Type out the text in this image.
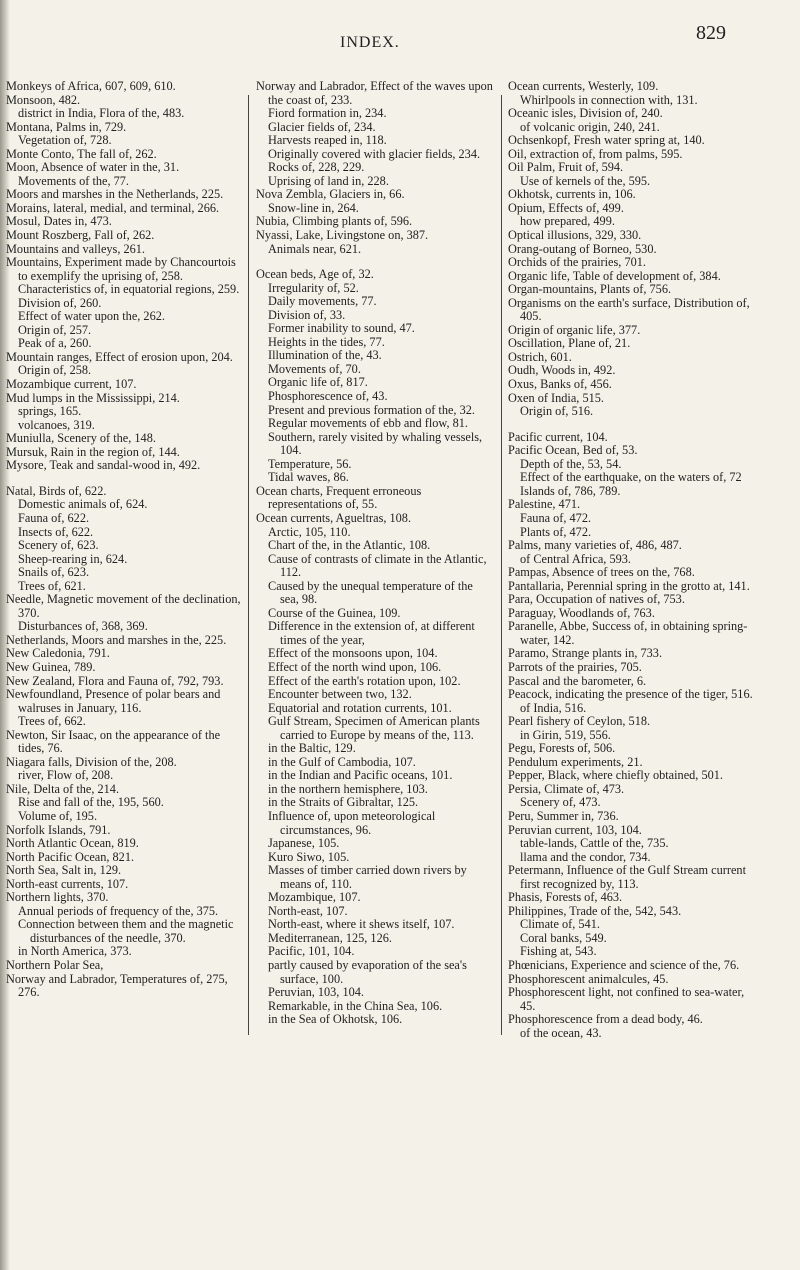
INDEX.	829

Monkeys of Africa, 607, 609, 610.

Monsoon, 482.

district in India, Flora of the, 483.

Montana, Palms in, 729.

Vegetation of, 728.

Monte Conto, The fall of, 262.

Moon, Absence of water in the, 31.

Movements of the, 77.

Moors and marshes in the Netherlands, 225.

Morains, lateral, medial, and terminal, 266.

Mosul, Dates in, 473.

Mount Roszberg, Fall of, 262.

Mountains and valleys, 261.

Mountains, Experiment made by Chancourtois to exemplify the uprising of, 258.

Characteristics of, in equatorial regions, 259.

Division of, 260.

Effect of water upon the, 262.

Origin of, 257.

Peak of a, 260.

Mountain ranges, Effect of erosion upon, 204.

Origin of, 258.

Mozambique current, 107.

Mud lumps in the Mississippi, 214.

springs, 165.

volcanoes, 319.

Muniulla, Scenery of the, 148.

Mursuk, Rain in the region of, 144.

Mysore, Teak and sandal-wood in, 492.

Natal, Birds of, 622.

Domestic animals of, 624.

Fauna of, 622.

Insects of, 622.

Scenery of, 623.

Sheep-rearing in, 624.

Snails of, 623.

Trees of, 621.

Needle, Magnetic movement of the declination, 370.

Disturbances of, 368, 369.

Netherlands, Moors and marshes in the, 225.

New Caledonia, 791.

New Guinea, 789.

New Zealand, Flora and Fauna of, 792, 793.

Newfoundland, Presence of polar bears and walruses in January, 116.

Trees of, 662.

Newton, Sir Isaac, on the appearance of the tides, 76.

Niagara falls, Division of the, 208.

river, Flow of, 208.

Nile, Delta of the, 214.

Rise and fall of the, 195, 560.

Volume of, 195.

Norfolk Islands, 791.

North Atlantic Ocean, 819.

North Pacific Ocean, 821.

North Sea, Salt in, 129.

North-east currents, 107.

Northern lights, 370.

Annual periods of frequency of the, 375.

Connection between them and the magnetic disturbances of the needle, 370.

in North America, 373.

Northern Polar Sea,

Norway and Labrador, Temperatures of, 275, 276.

Norway and Labrador, Effect of the waves upon the coast of, 233.

Fiord formation in, 234.

Glacier fields of, 234.

Harvests reaped in, 118.

Originally covered with glacier fields, 234.

Rocks of, 228, 229.

Uprising of land in, 228.

Nova Zembla, Glaciers in, 66.

Snow-line in, 264.

Nubia, Climbing plants of, 596.

Nyassi, Lake, Livingstone on, 387.

Animals near, 621.

Ocean beds, Age of, 32.

Irregularity of, 52.

Daily movements, 77.

Division of, 33.

Former inability to sound, 47.

Heights in the tides, 77.

Illumination of the, 43.

Movements of, 70.

Organic life of, 817.

Phosphorescence of, 43.

Present and previous formation of the, 32.

Regular movements of ebb and flow, 81.

Southern, rarely visited by whaling vessels, 104.

Temperature, 56.

Tidal waves, 86.

Ocean charts, Frequent erroneous representations of, 55.

Ocean currents, Agueltras, 108.

Arctic, 105, 110.

Chart of the, in the Atlantic, 108.

Cause of contrasts of climate in the Atlantic, 112.

Caused by the unequal temperature of the sea, 98.

Course of the Guinea, 109.

Difference in the extension of, at different times of the year,

Effect of the monsoons upon, 104.

Effect of the north wind upon, 106.

Effect of the earth's rotation upon, 102.

Encounter between two, 132.

Equatorial and rotation currents, 101.

Gulf Stream, Specimen of American plants carried to Europe by means of the, 113.

in the Baltic, 129.

in the Gulf of Cambodia, 107.

in the Indian and Pacific oceans, 101.

in the northern hemisphere, 103.

in the Straits of Gibraltar, 125.

Influence of, upon meteorological circumstances, 96.

Japanese, 105.

Kuro Siwo, 105.

Masses of timber carried down rivers by means of, 110.

Mozambique, 107.

North-east, 107.

North-east, where it shews itself, 107.

Mediterranean, 125, 126.

Pacific, 101, 104.

partly caused by evaporation of the sea's surface, 100.

Peruvian, 103, 104.

Remarkable, in the China Sea, 106.

in the Sea of Okhotsk, 106.

Ocean currents, Westerly, 109.

Whirlpools in connection with, 131.

Oceanic isles, Division of, 240.

of volcanic origin, 240, 241.

Ochsenkopf, Fresh water spring at, 140.

Oil, extraction of, from palms, 595.

Oil Palm, Fruit of, 594.

Use of kernels of the, 595.

Okhotsk, currents in, 106.

Opium, Effects of, 499.

how prepared, 499.

Optical illusions, 329, 330.

Orang-outang of Borneo, 530.

Orchids of the prairies, 701.

Organic life, Table of development of, 384.

Organ-mountains, Plants of, 756.

Organisms on the earth's surface, Distribution of, 405.

Origin of organic life, 377.

Oscillation, Plane of, 21.

Ostrich, 601.

Oudh, Woods in, 492.

Oxus, Banks of, 456.

Oxen of India, 515.

Origin of, 516.

Pacific current, 104.

Pacific Ocean, Bed of, 53.

Depth of the, 53, 54.

Effect of the earthquake, on the waters of, 72

Islands of, 786, 789.

Palestine, 471.

Fauna of, 472.

Plants of, 472.

Palms, many varieties of, 486, 487.

of Central Africa, 593.

Pampas, Absence of trees on the, 768.

Pantallaria, Perennial spring in the grotto at, 141.

Para, Occupation of natives of, 753.

Paraguay, Woodlands of, 763.

Paranelle, Abbe, Success of, in obtaining spring-water, 142.

Paramo, Strange plants in, 733.

Parrots of the prairies, 705.

Pascal and the barometer, 6.

Peacock, indicating the presence of the tiger, 516.

of India, 516.

Pearl fishery of Ceylon, 518.

in Girin, 519, 556.

Pegu, Forests of, 506.

Pendulum experiments, 21.

Pepper, Black, where chiefly obtained, 501.

Persia, Climate of, 473.

Scenery of, 473.

Peru, Summer in, 736.

Peruvian current, 103, 104.

table-lands, Cattle of the, 735.

llama and the condor, 734.

Petermann, Influence of the Gulf Stream current first recognized by, 113.

Phasis, Forests of, 463.

Philippines, Trade of the, 542, 543.

Climate of, 541.

Coral banks, 549.

Fishing at, 543.

Phœnicians, Experience and science of the, 76.

Phosphorescent animalcules, 45.

Phosphorescent light, not confined to sea-water, 45.

Phosphorescence from a dead body, 46.

of the ocean, 43.
